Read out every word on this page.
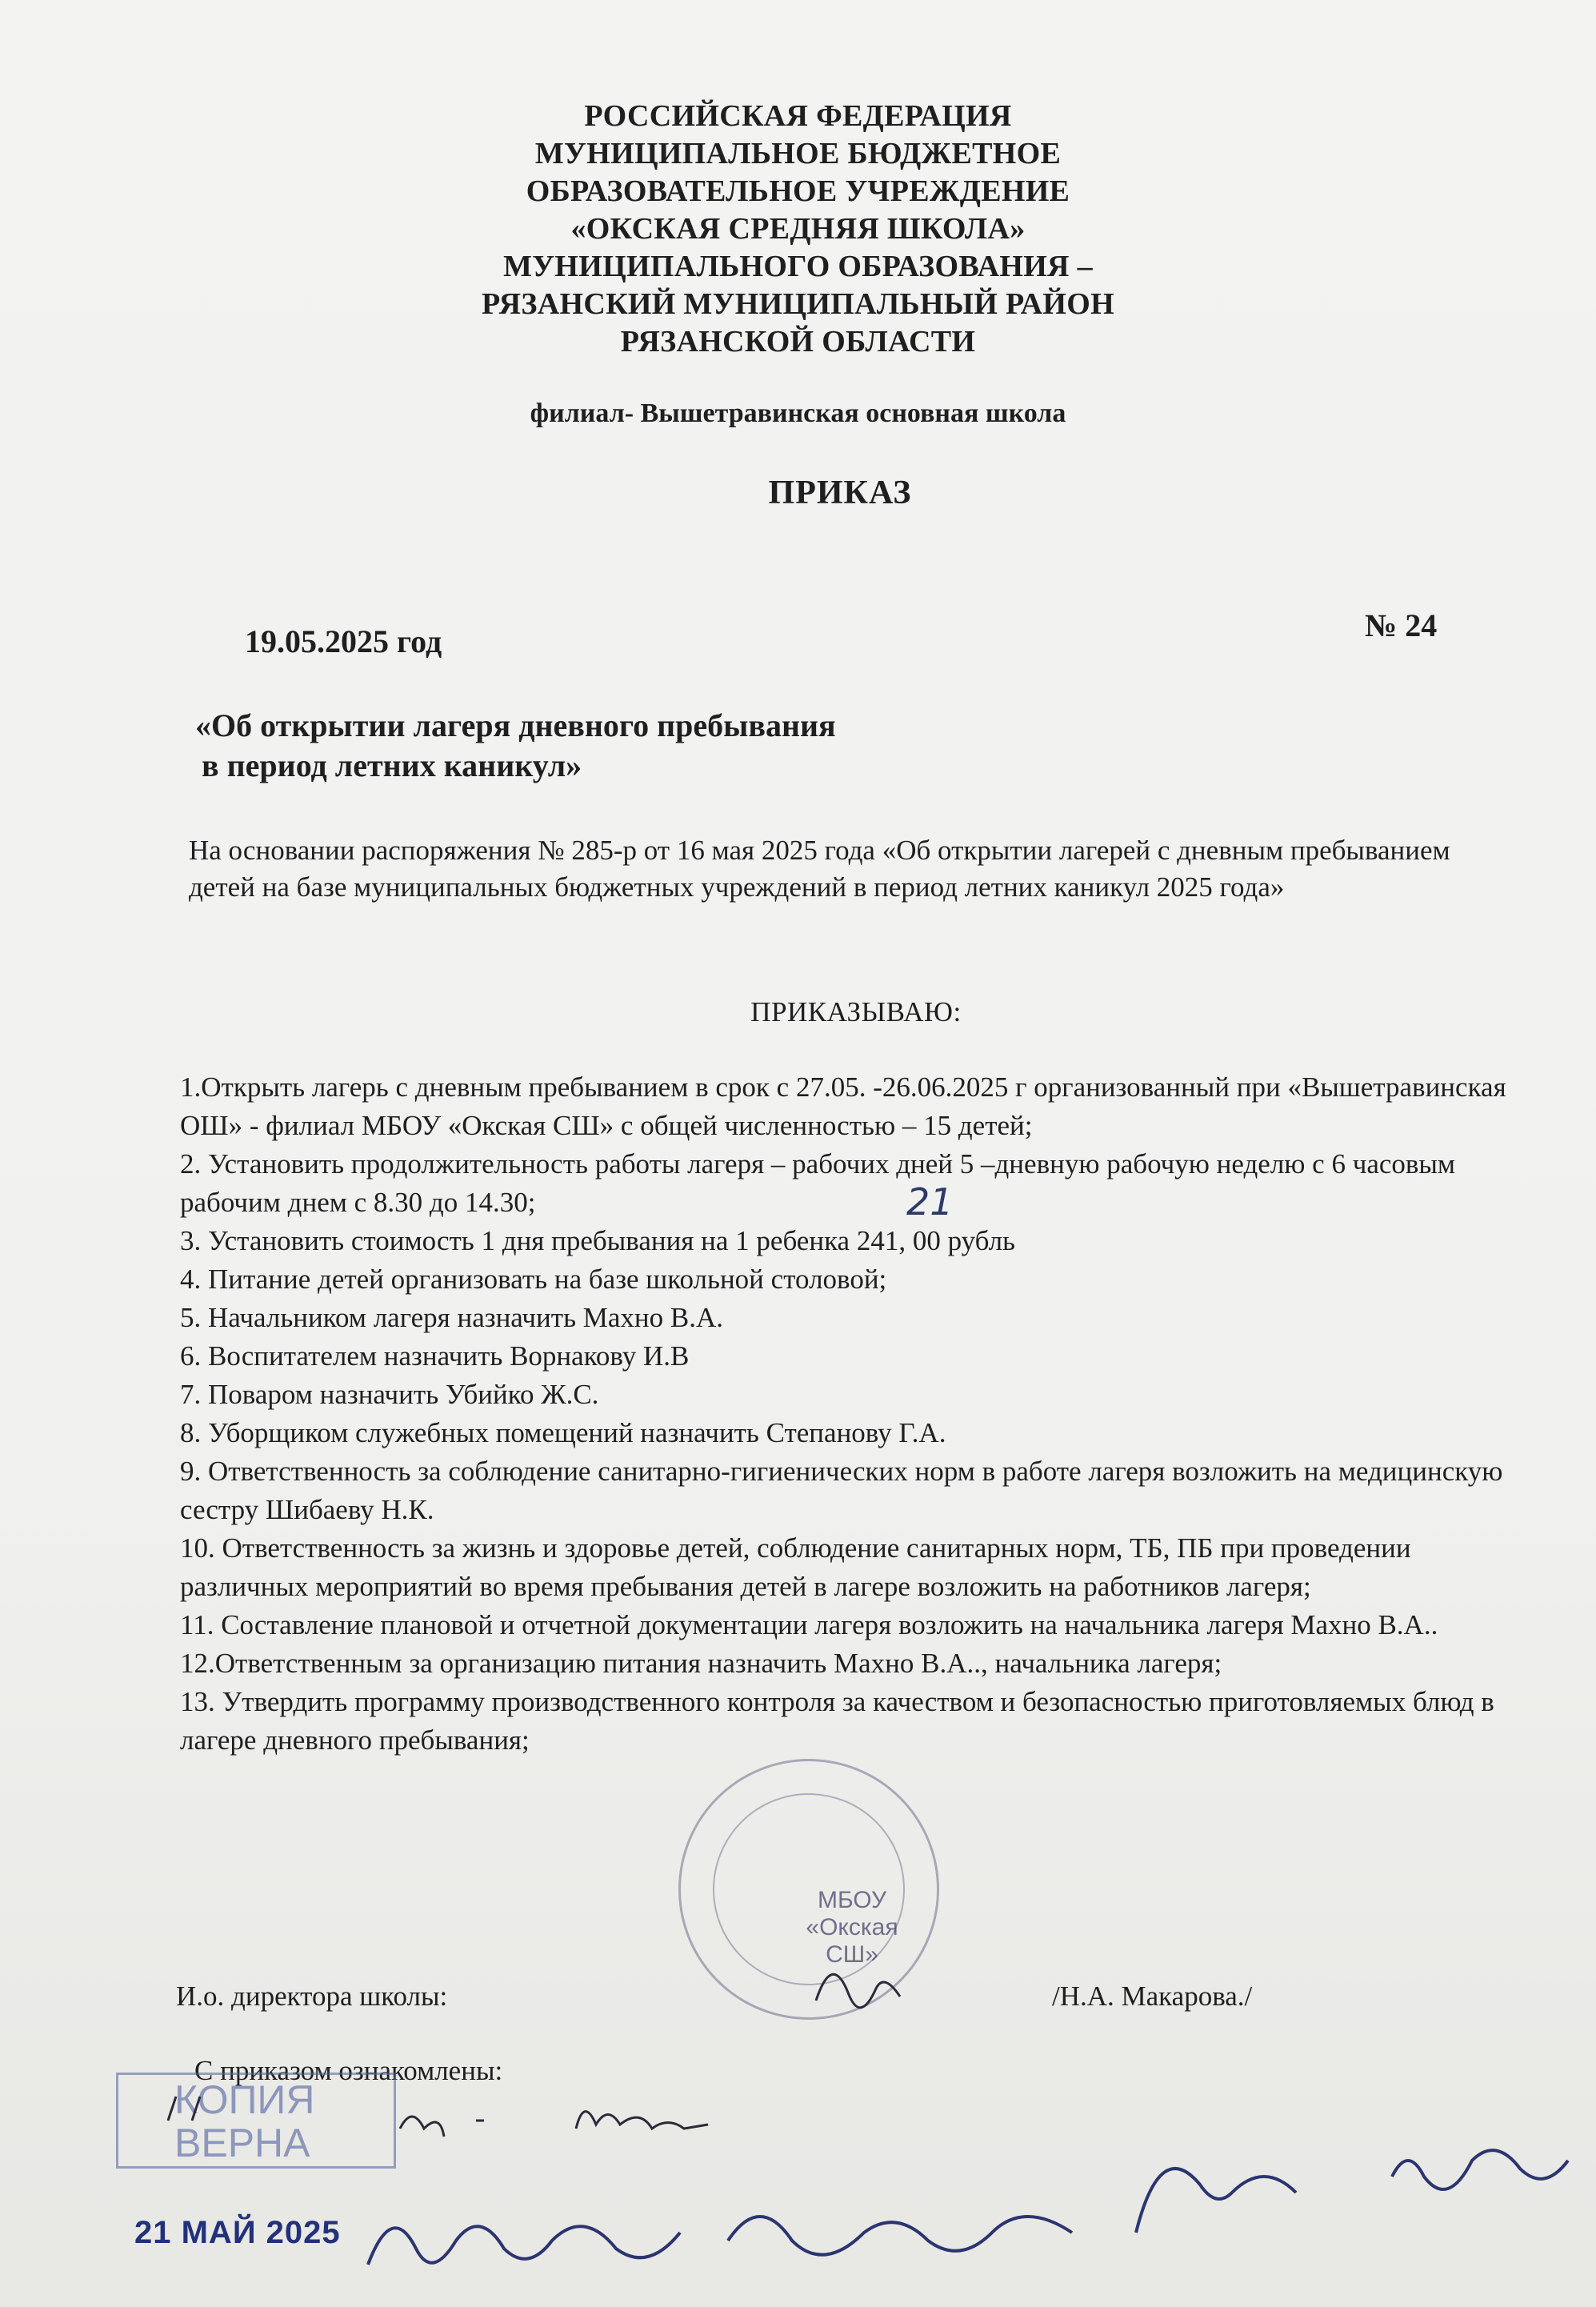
РОССИЙСКАЯ ФЕДЕРАЦИЯ
МУНИЦИПАЛЬНОЕ БЮДЖЕТНОЕ
ОБРАЗОВАТЕЛЬНОЕ УЧРЕЖДЕНИЕ
«ОКСКАЯ СРЕДНЯЯ ШКОЛА»
МУНИЦИПАЛЬНОГО ОБРАЗОВАНИЯ –
РЯЗАНСКИЙ МУНИЦИПАЛЬНЫЙ РАЙОН
РЯЗАНСКОЙ ОБЛАСТИ
филиал- Вышетравинская основная школа
ПРИКАЗ
19.05.2025 год	№ 24
«Об открытии лагеря дневного пребывания
в период летних каникул»
На основании распоряжения № 285-р от 16 мая 2025 года «Об открытии лагерей с дневным пребыванием детей на базе муниципальных бюджетных учреждений в период летних каникул 2025 года»
ПРИКАЗЫВАЮ:
1.Открыть лагерь с дневным пребыванием в срок с 27.05. -26.06.2025 г организованный при «Вышетравинская ОШ» - филиал МБОУ «Окская СШ» с общей численностью – 15 детей;
2. Установить продолжительность работы лагеря – рабочих дней 5 –дневную рабочую неделю с 6 часовым рабочим днем с 8.30 до 14.30;
3. Установить стоимость 1 дня пребывания на 1 ребенка 241, 00 рубль
4. Питание детей организовать на базе школьной столовой;
5. Начальником лагеря назначить Махно В.А.
6. Воспитателем назначить Ворнакову И.В
7. Поваром назначить Убийко Ж.С.
8. Уборщиком служебных помещений назначить Степанову Г.А.
9. Ответственность за соблюдение санитарно-гигиенических норм в работе лагеря возложить на медицинскую сестру Шибаеву Н.К.
10. Ответственность за жизнь и здоровье детей, соблюдение санитарных норм, ТБ, ПБ при проведении различных мероприятий во время пребывания детей в лагере возложить на работников лагеря;
11. Составление плановой и отчетной документации лагеря возложить на начальника лагеря Махно В.А..
12.Ответственным за организацию питания назначить Махно В.А.., начальника лагеря;
13. Утвердить программу производственного контроля за качеством и безопасностью приготовляемых блюд в лагере дневного пребывания;
21
МБОУ
«Окская
СШ»
И.о. директора школы:	/Н.А. Макарова./
С приказом ознакомлены:
КОПИЯ
ВЕРНА
21 МАЙ 2025
